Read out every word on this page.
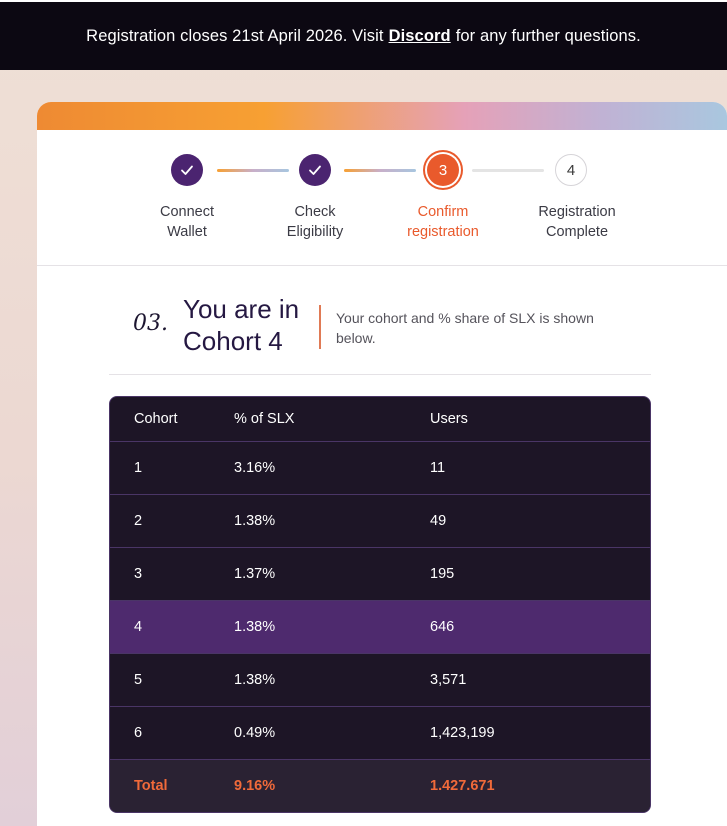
Registration closes 21st April 2026. Visit Discord for any further questions.
3	4
Connect
Wallet
Check
Eligibility
Confirm
registration
Registration
Complete
03. You are in
Cohort 4
Your cohort and % share of SLX is shown below.
Cohort	% of SLX	Users
1	3.16%	11
2	1.38%	49
3	1.37%	195
4	1.38%	646
5	1.38%	3,571
6	0.49%	1,423,199
Total	9.16%	1.427.671
